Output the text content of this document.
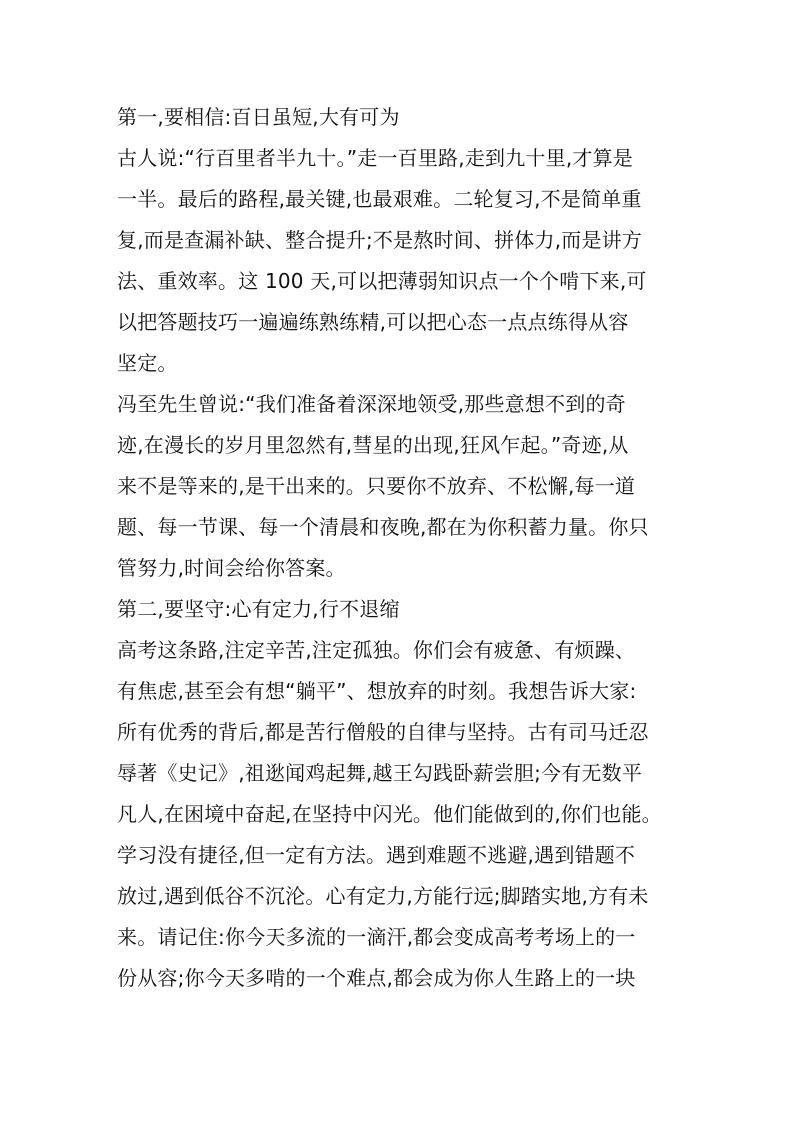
第一,要相信:百日虽短,大有可为
古人说:“行百里者半九十。”走一百里路,走到九十里,才算是
一半。最后的路程,最关键,也最艰难。二轮复习,不是简单重
复,而是查漏补缺、整合提升;不是熬时间、拼体力,而是讲方
法、重效率。这 100 天,可以把薄弱知识点一个个啃下来,可
以把答题技巧一遍遍练熟练精,可以把心态一点点练得从容
坚定。
冯至先生曾说:“我们准备着深深地领受,那些意想不到的奇
迹,在漫长的岁月里忽然有,彗星的出现,狂风乍起。”奇迹,从
来不是等来的,是干出来的。只要你不放弃、不松懈,每一道
题、每一节课、每一个清晨和夜晚,都在为你积蓄力量。你只
管努力,时间会给你答案。
第二,要坚守:心有定力,行不退缩
高考这条路,注定辛苦,注定孤独。你们会有疲惫、有烦躁、
有焦虑,甚至会有想“躺平”、想放弃的时刻。我想告诉大家:
所有优秀的背后,都是苦行僧般的自律与坚持。古有司马迁忍
辱著《史记》,祖逖闻鸡起舞,越王勾践卧薪尝胆;今有无数平
凡人,在困境中奋起,在坚持中闪光。他们能做到的,你们也能。
学习没有捷径,但一定有方法。遇到难题不逃避,遇到错题不
放过,遇到低谷不沉沦。心有定力,方能行远;脚踏实地,方有未
来。请记住:你今天多流的一滴汗,都会变成高考考场上的一
份从容;你今天多啃的一个难点,都会成为你人生路上的一块
